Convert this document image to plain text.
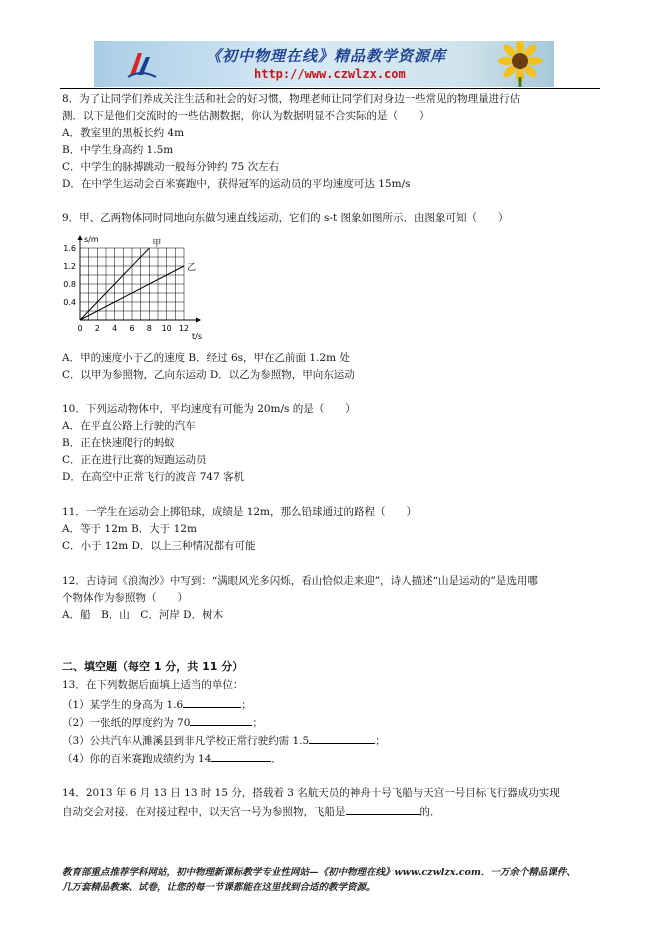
《初中物理在线》精品教学资源库
http://www.czwlzx.com
8．为了让同学们养成关注生活和社会的好习惯，物理老师让同学们对身边一些常见的物理量进行估
测．以下是他们交流时的一些估测数据，你认为数据明显不合实际的是（　　）
A．教室里的黑板长约 4m
B．中学生身高约 1.5m
C．中学生的脉搏跳动一般每分钟约 75 次左右
D．在中学生运动会百米赛跑中，获得冠军的运动员的平均速度可达 15m/s
9．甲、乙两物体同时同地向东做匀速直线运动，它们的 s-t 图象如图所示．由图象可知（　　）
0 2 4 6 8 10 12
0.4
0.8
1.2
1.6	甲
乙
s/m
t/s
A．甲的速度小于乙的速度 B．经过 6s，甲在乙前面 1.2m 处
C．以甲为参照物，乙向东运动 D．以乙为参照物，甲向东运动
10．下列运动物体中，平均速度有可能为 20m/s 的是（　　）
A．在平直公路上行驶的汽车
B．正在快速爬行的蚂蚁
C．正在进行比赛的短跑运动员
D．在高空中正常飞行的波音 747 客机
11．一学生在运动会上掷铅球，成绩是 12m，那么铅球通过的路程（　　）
A．等于 12m B．大于 12m
C．小于 12m D．以上三种情况都有可能
12．古诗词《浪淘沙》中写到：“满眼风光多闪烁，看山恰似走来迎”，诗人描述“山是运动的”是选用哪
个物体作为参照物（　　）
A．船　B．山　C．河岸 D．树木
二、填空题（每空 1 分，共 11 分）
13．在下列数据后面填上适当的单位：
（1）某学生的身高为 1.6	；
（2）一张纸的厚度约为 70	；
（3）公共汽车从濉溪县到非凡学校正常行驶约需 1.5	；
（4）你的百米赛跑成绩约为 14	．
14．2013 年 6 月 13 日 13 时 15 分，搭载着 3 名航天员的神舟十号飞船与天宫一号目标飞行器成功实现
自动交会对接．在对接过程中，以天宫一号为参照物，飞船是	的．
教育部重点推荐学科网站，初中物理新课标教学专业性网站—《初中物理在线》www.czwlzx.com．一万余个精品课件、
几万套精品教案、试卷，让您的每一节课都能在这里找到合适的教学资源。
